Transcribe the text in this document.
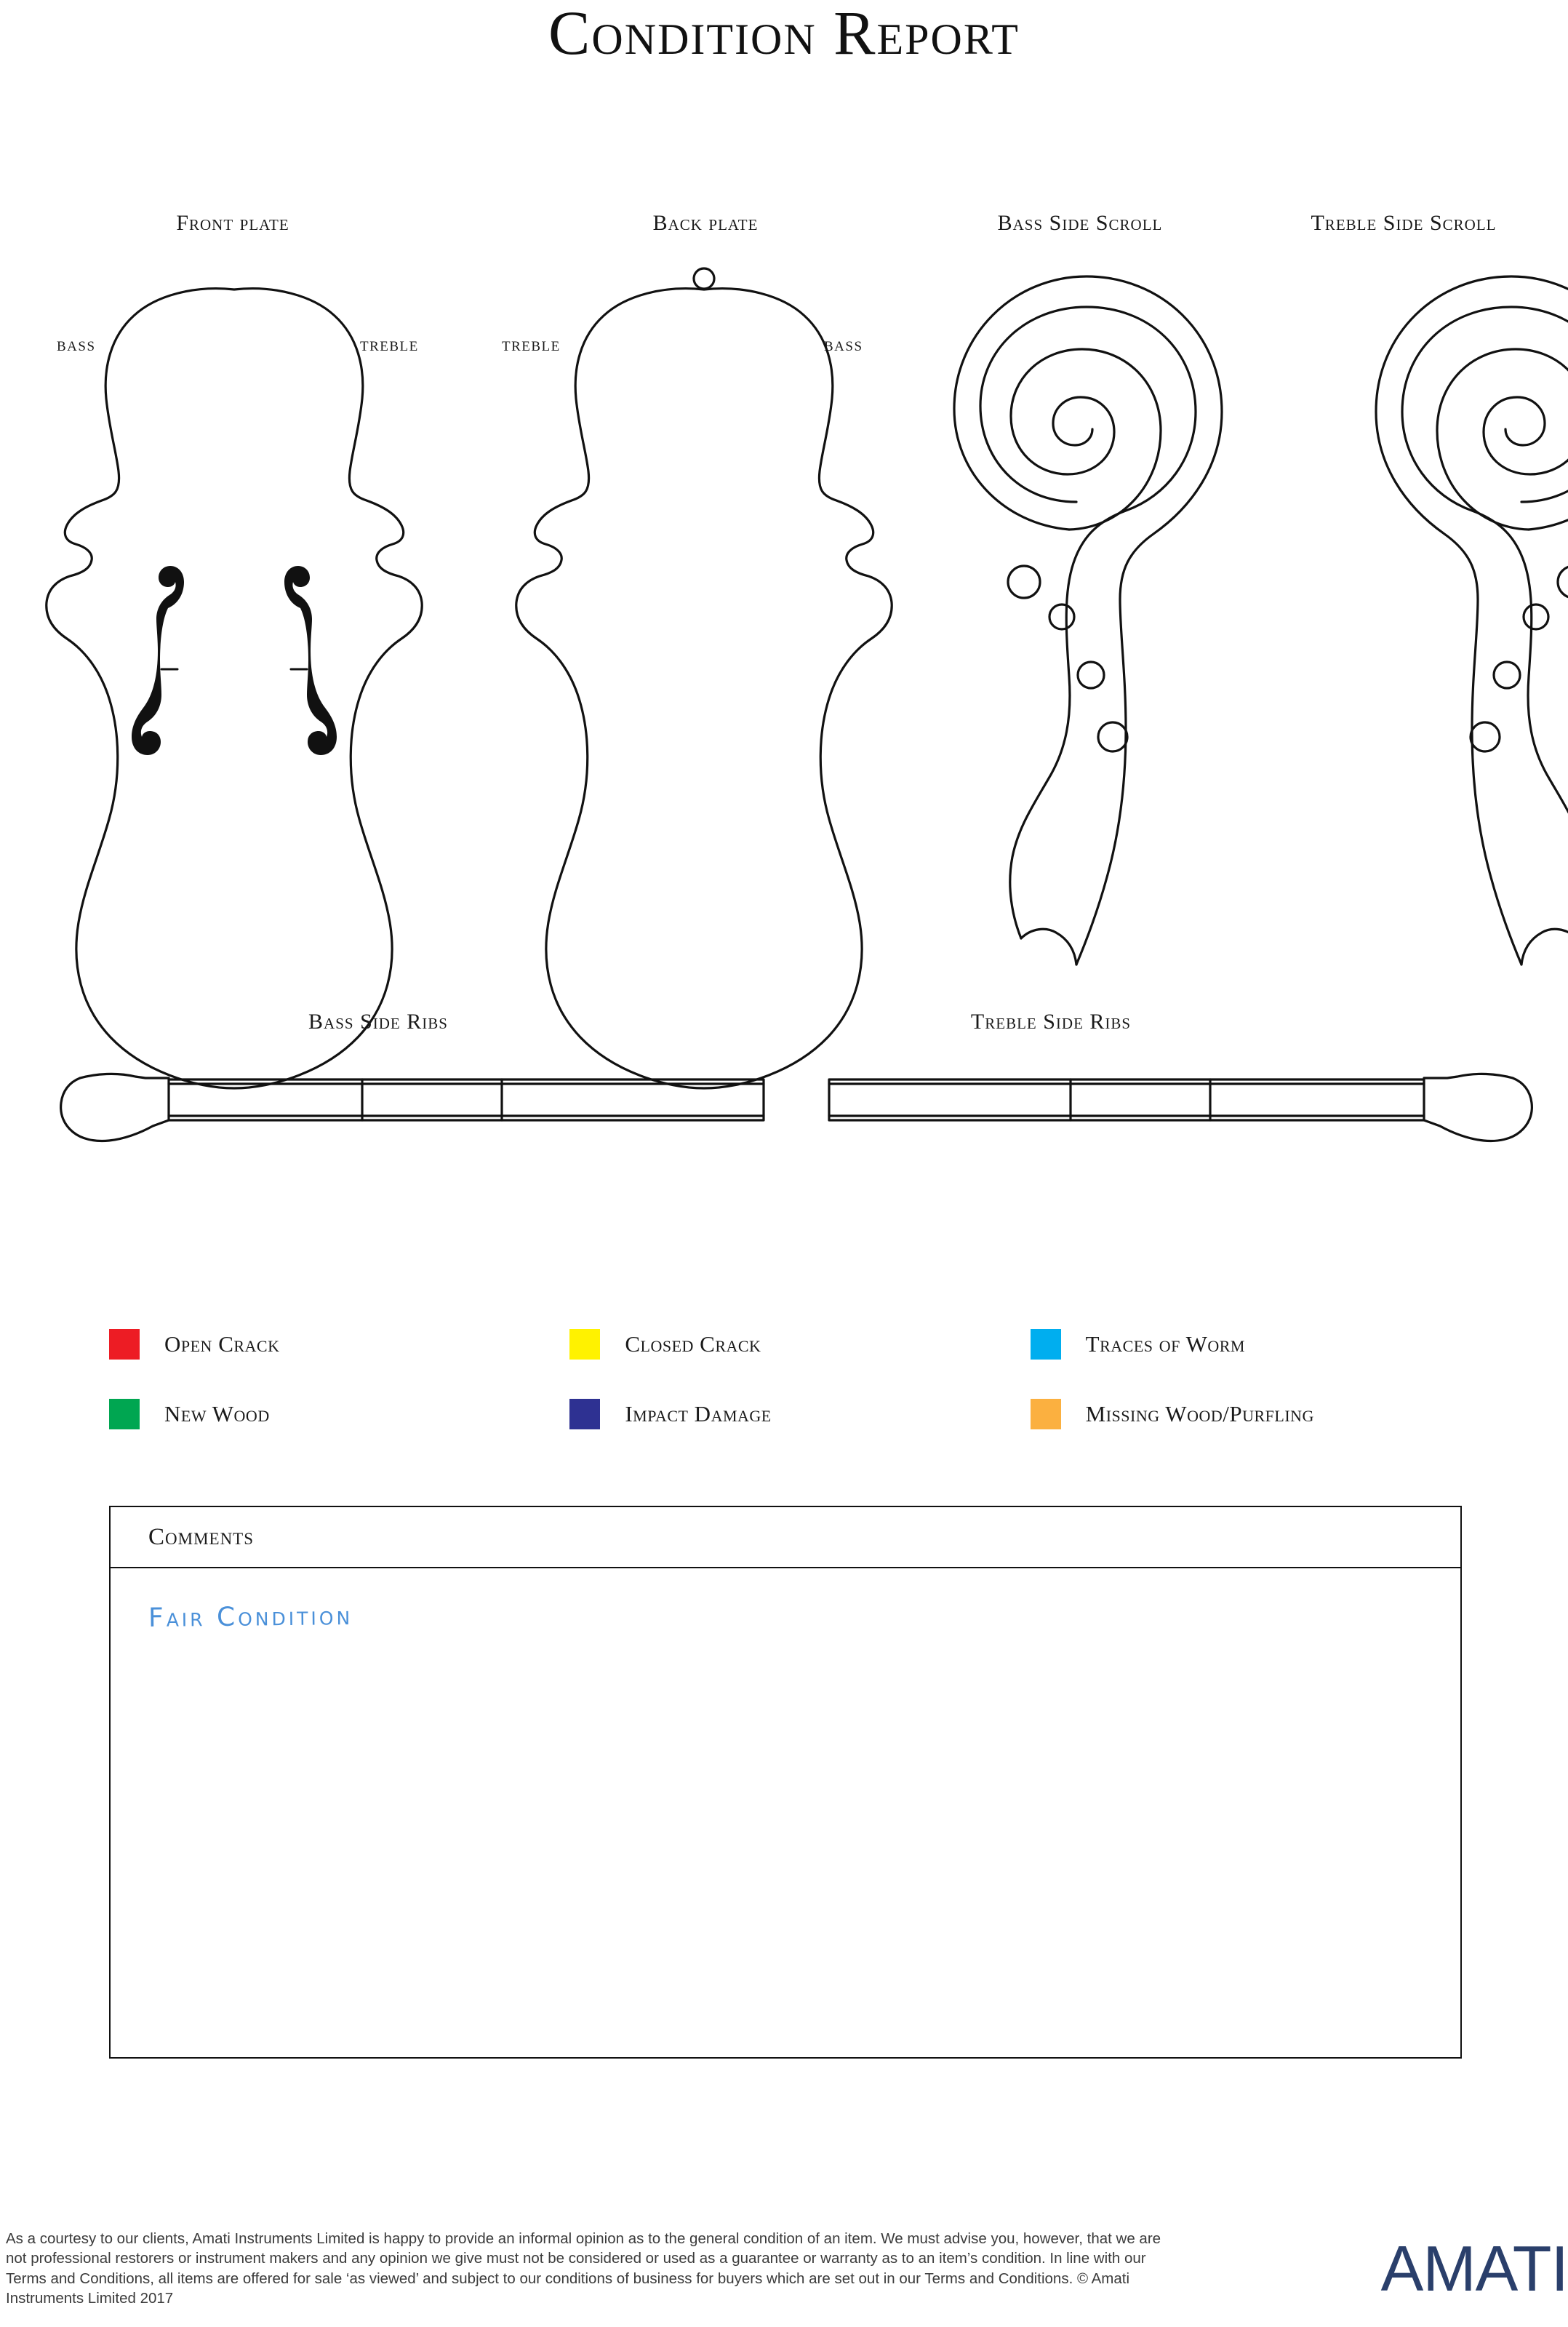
Condition Report
Front plate	Back plate	Bass Side Scroll	Treble Side Scroll
BASS	TREBLE	TREBLE	BASS
Bass Side Ribs	Treble Side Ribs
Open Crack	Closed Crack	Traces of Worm
New Wood	Impact Damage	Missing Wood/Purfling
Comments
Fair Condition

As a courtesy to our clients, Amati Instruments Limited is happy to provide an informal opinion as to the general condition of an item. We must advise you, however, that we are not professional restorers or instrument makers and any opinion we give must not be considered or used as a guarantee or warranty as to an item’s condition. In line with our Terms and Conditions, all items are offered for sale ‘as viewed’ and subject to our conditions of business for buyers which are set out in our Terms and Conditions. © Amati Instruments Limited 2017	AMATI
